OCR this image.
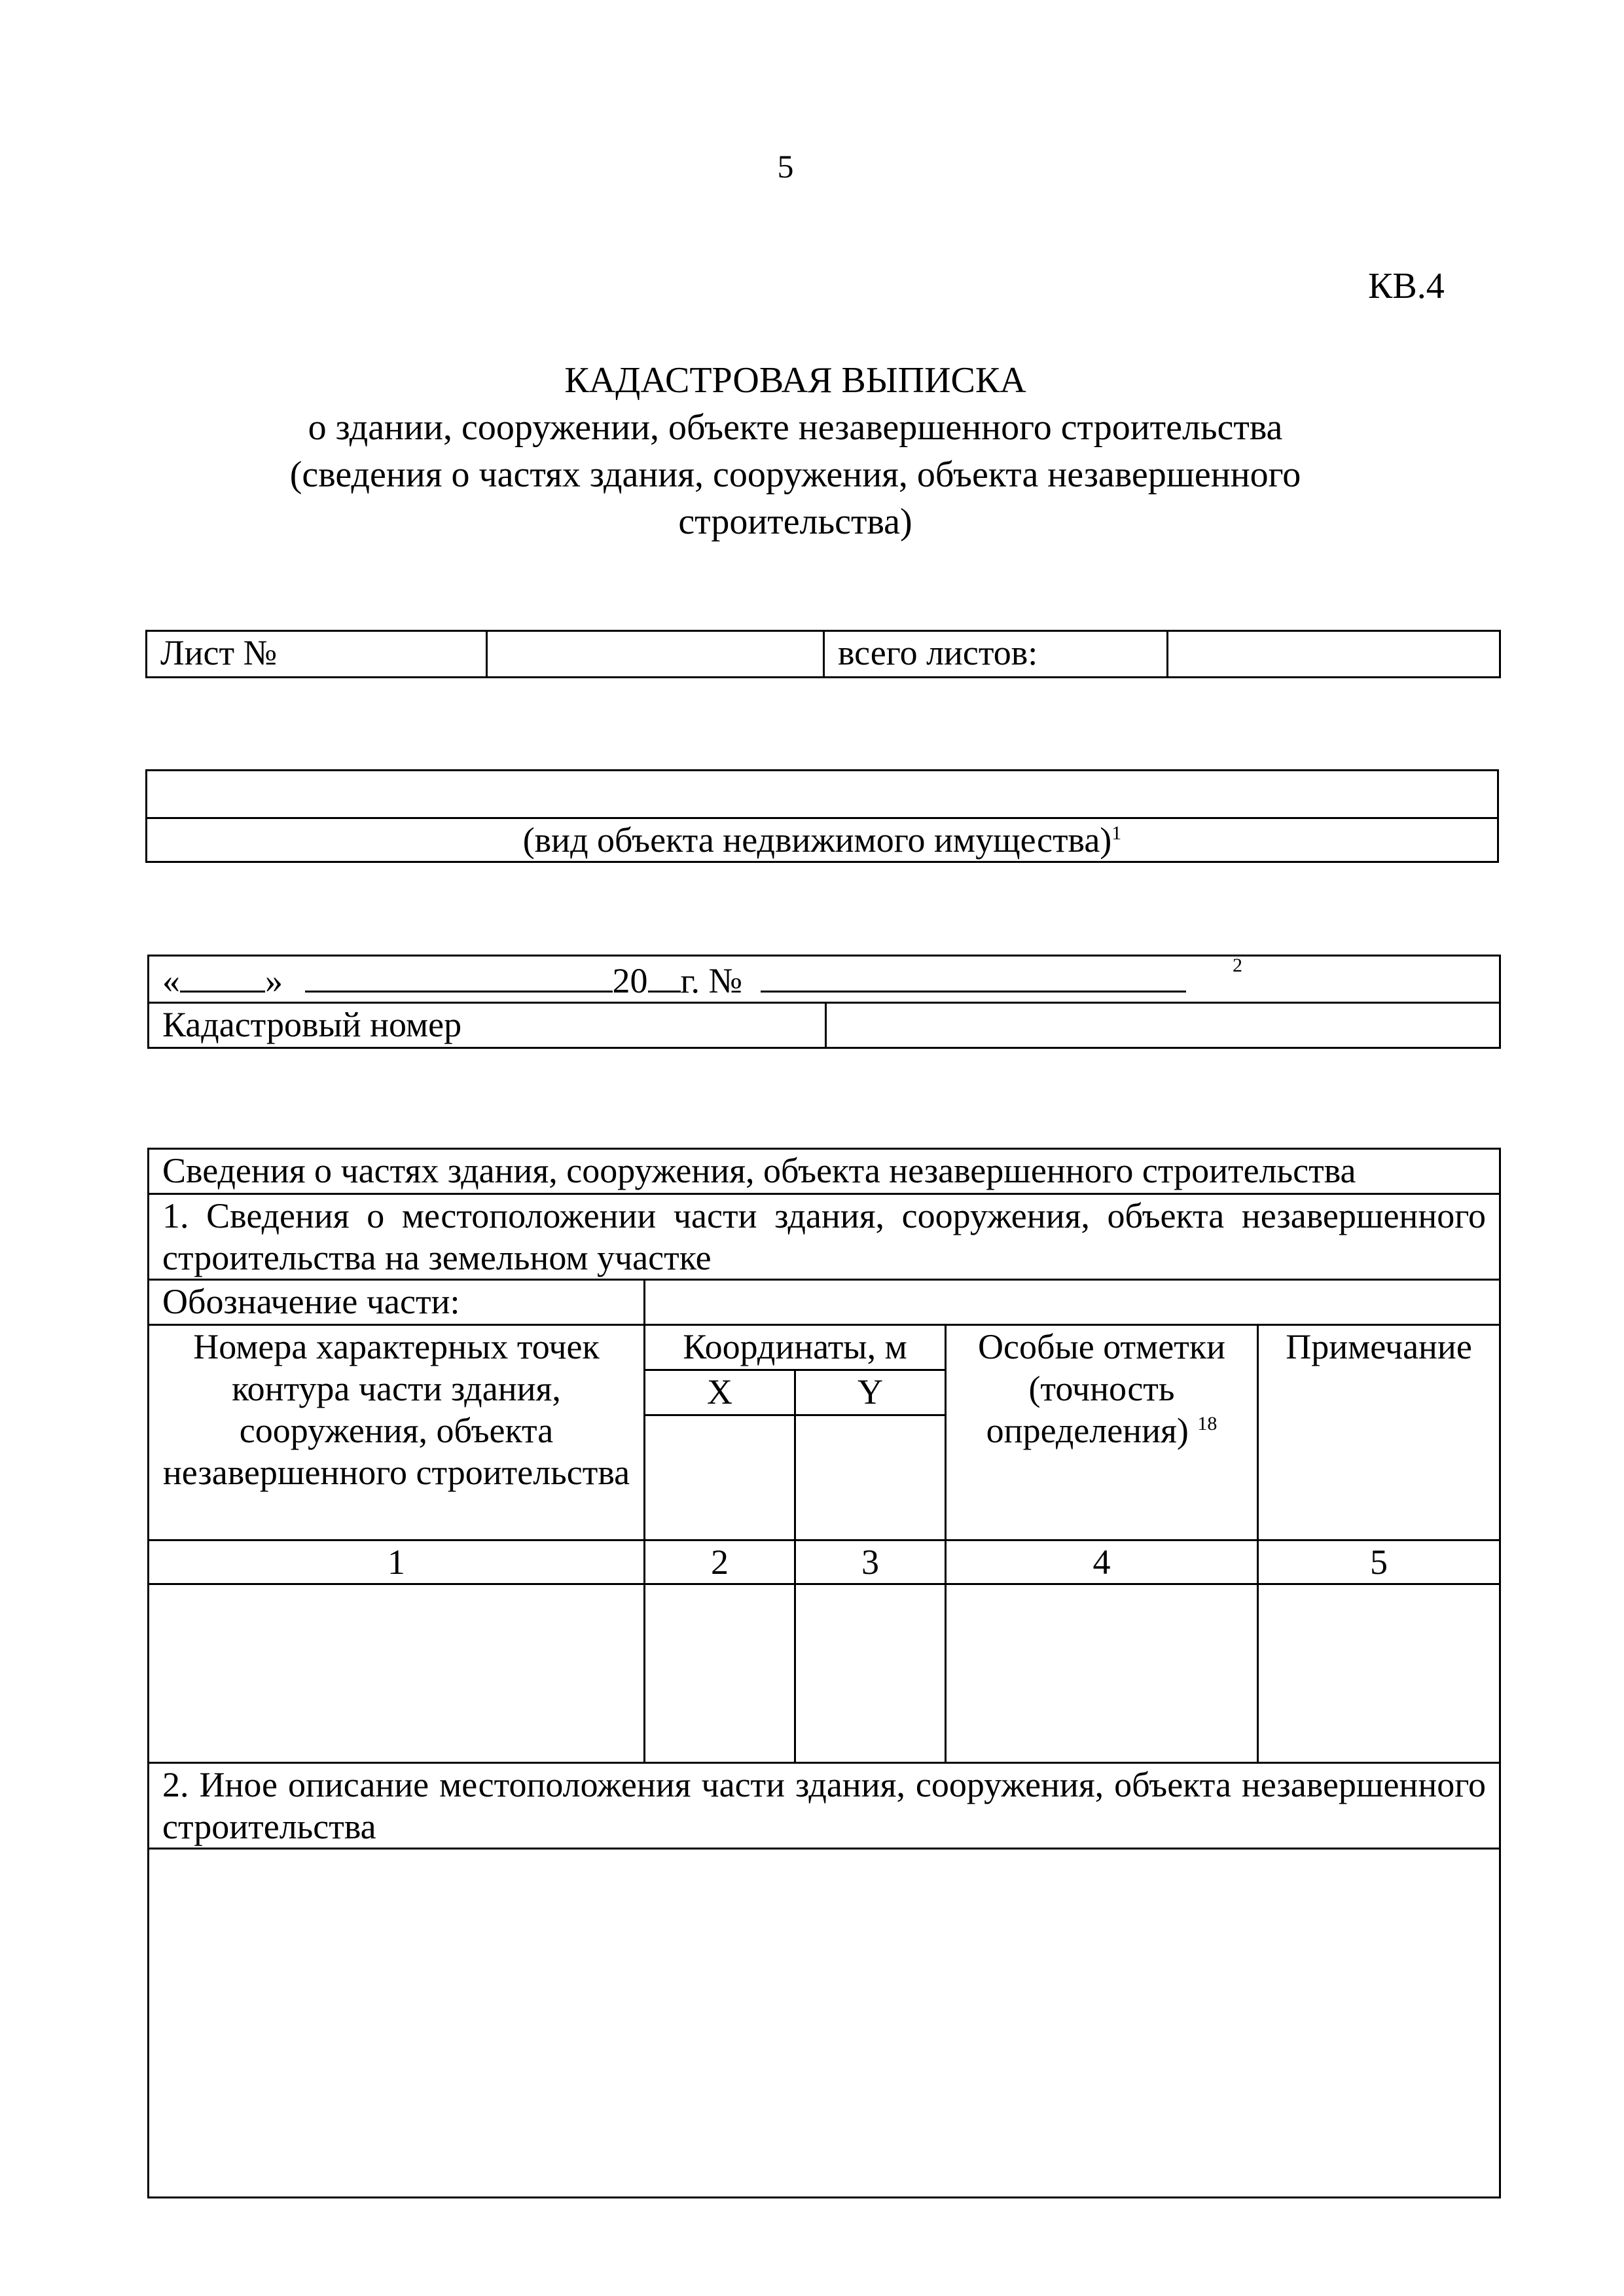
5
КВ.4
КАДАСТРОВАЯ ВЫПИСКА
о здании, сооружении, объекте незавершенного строительства
(сведения о частях здания, сооружения, объекта незавершенного
строительства)
Лист №		всего листов:	

(вид объекта недвижимого имущества)$^1$
« »	20 г. №	2

Кадастровый номер	
Сведения о частях здания, сооружения, объекта незавершенного строительства				
1. Сведения о местоположении части здания, сооружения, объекта незавершенного строительства на земельном участке				
Обозначение части:				
Номера характерных точек контура части здания, сооружения, объекта незавершенного строительства	Координаты, м		Особые отметки (точность определения) $^{18}$	Примечание
	X	Y		

1	2	3	4	5

2. Иное описание местоположения части здания, сооружения, объекта незавершенного строительства				
